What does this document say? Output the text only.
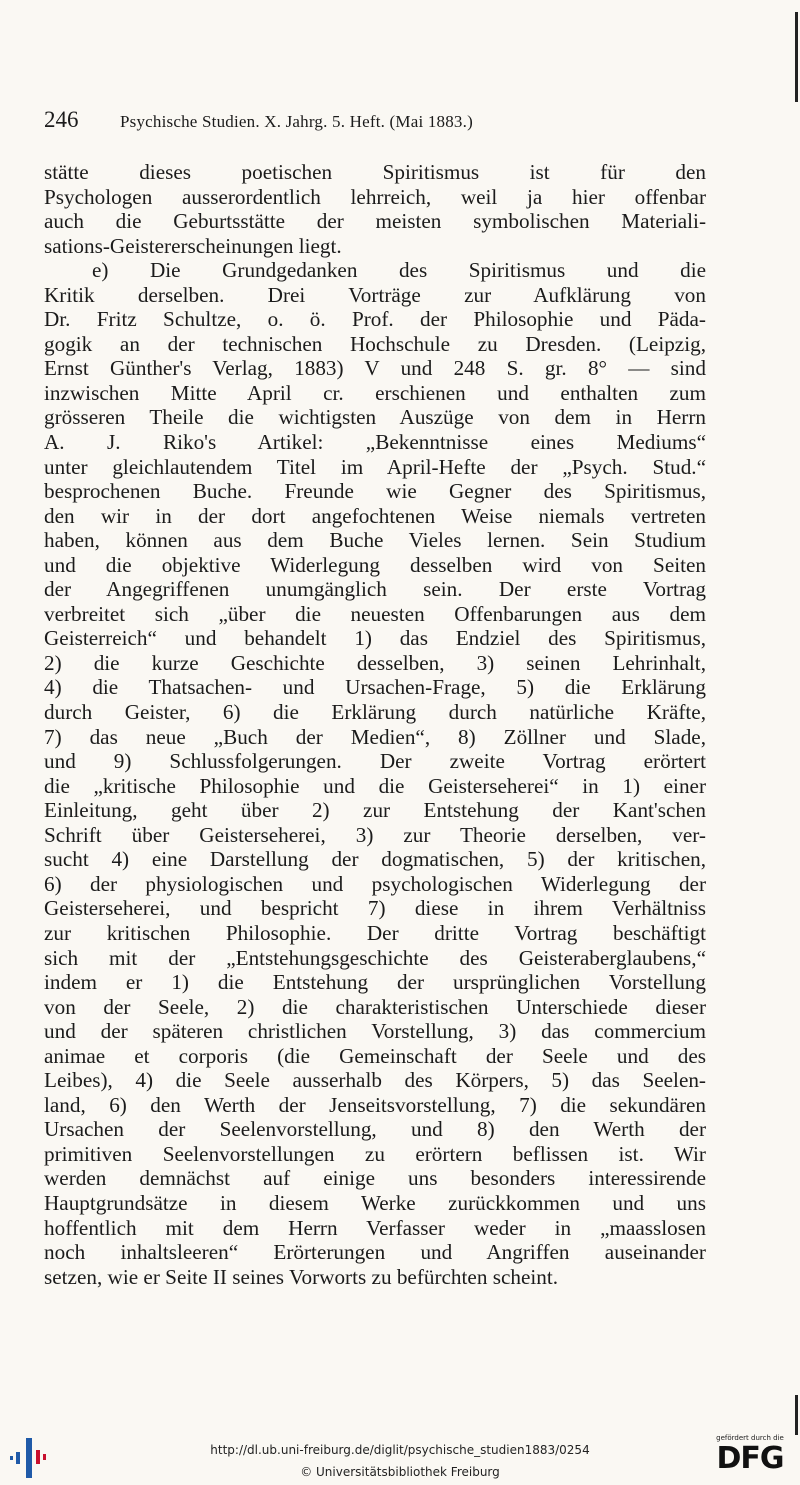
246 Psychische Studien. X. Jahrg. 5. Heft. (Mai 1883.)
stätte dieses poetischen Spiritismus ist für den
Psychologen ausserordentlich lehrreich, weil ja hier offenbar
auch die Geburtsstätte der meisten symbolischen Materiali-
sations-Geistererscheinungen liegt.
e) Die Grundgedanken des Spiritismus und die
Kritik derselben. Drei Vorträge zur Aufklärung von
Dr. Fritz Schultze, o. ö. Prof. der Philosophie und Päda-
gogik an der technischen Hochschule zu Dresden. (Leipzig,
Ernst Günther's Verlag, 1883) V und 248 S. gr. 8° — sind
inzwischen Mitte April cr. erschienen und enthalten zum
grösseren Theile die wichtigsten Auszüge von dem in Herrn
A. J. Riko's Artikel: „Bekenntnisse eines Mediums“
unter gleichlautendem Titel im April-Hefte der „Psych. Stud.“
besprochenen Buche. Freunde wie Gegner des Spiritismus,
den wir in der dort angefochtenen Weise niemals vertreten
haben, können aus dem Buche Vieles lernen. Sein Studium
und die objektive Widerlegung desselben wird von Seiten
der Angegriffenen unumgänglich sein. Der erste Vortrag
verbreitet sich „über die neuesten Offenbarungen aus dem
Geisterreich“ und behandelt 1) das Endziel des Spiritismus,
2) die kurze Geschichte desselben, 3) seinen Lehrinhalt,
4) die Thatsachen- und Ursachen-Frage, 5) die Erklärung
durch Geister, 6) die Erklärung durch natürliche Kräfte,
7) das neue „Buch der Medien“, 8) Zöllner und Slade,
und 9) Schlussfolgerungen. Der zweite Vortrag erörtert
die „kritische Philosophie und die Geisterseherei“ in 1) einer
Einleitung, geht über 2) zur Entstehung der Kant'schen
Schrift über Geisterseherei, 3) zur Theorie derselben, ver-
sucht 4) eine Darstellung der dogmatischen, 5) der kritischen,
6) der physiologischen und psychologischen Widerlegung der
Geisterseherei, und bespricht 7) diese in ihrem Verhältniss
zur kritischen Philosophie. Der dritte Vortrag beschäftigt
sich mit der „Entstehungsgeschichte des Geisteraberglaubens,“
indem er 1) die Entstehung der ursprünglichen Vorstellung
von der Seele, 2) die charakteristischen Unterschiede dieser
und der späteren christlichen Vorstellung, 3) das commercium
animae et corporis (die Gemeinschaft der Seele und des
Leibes), 4) die Seele ausserhalb des Körpers, 5) das Seelen-
land, 6) den Werth der Jenseitsvorstellung, 7) die sekundären
Ursachen der Seelenvorstellung, und 8) den Werth der
primitiven Seelenvorstellungen zu erörtern beflissen ist. Wir
werden demnächst auf einige uns besonders interessirende
Hauptgrundsätze in diesem Werke zurückkommen und uns
hoffentlich mit dem Herrn Verfasser weder in „maasslosen
noch inhaltsleeren“ Erörterungen und Angriffen auseinander
setzen, wie er Seite II seines Vorworts zu befürchten scheint.
http://dl.ub.uni-freiburg.de/diglit/psychische_studien1883/0254
© Universitätsbibliothek Freiburg
gefördert durch die
DFG
